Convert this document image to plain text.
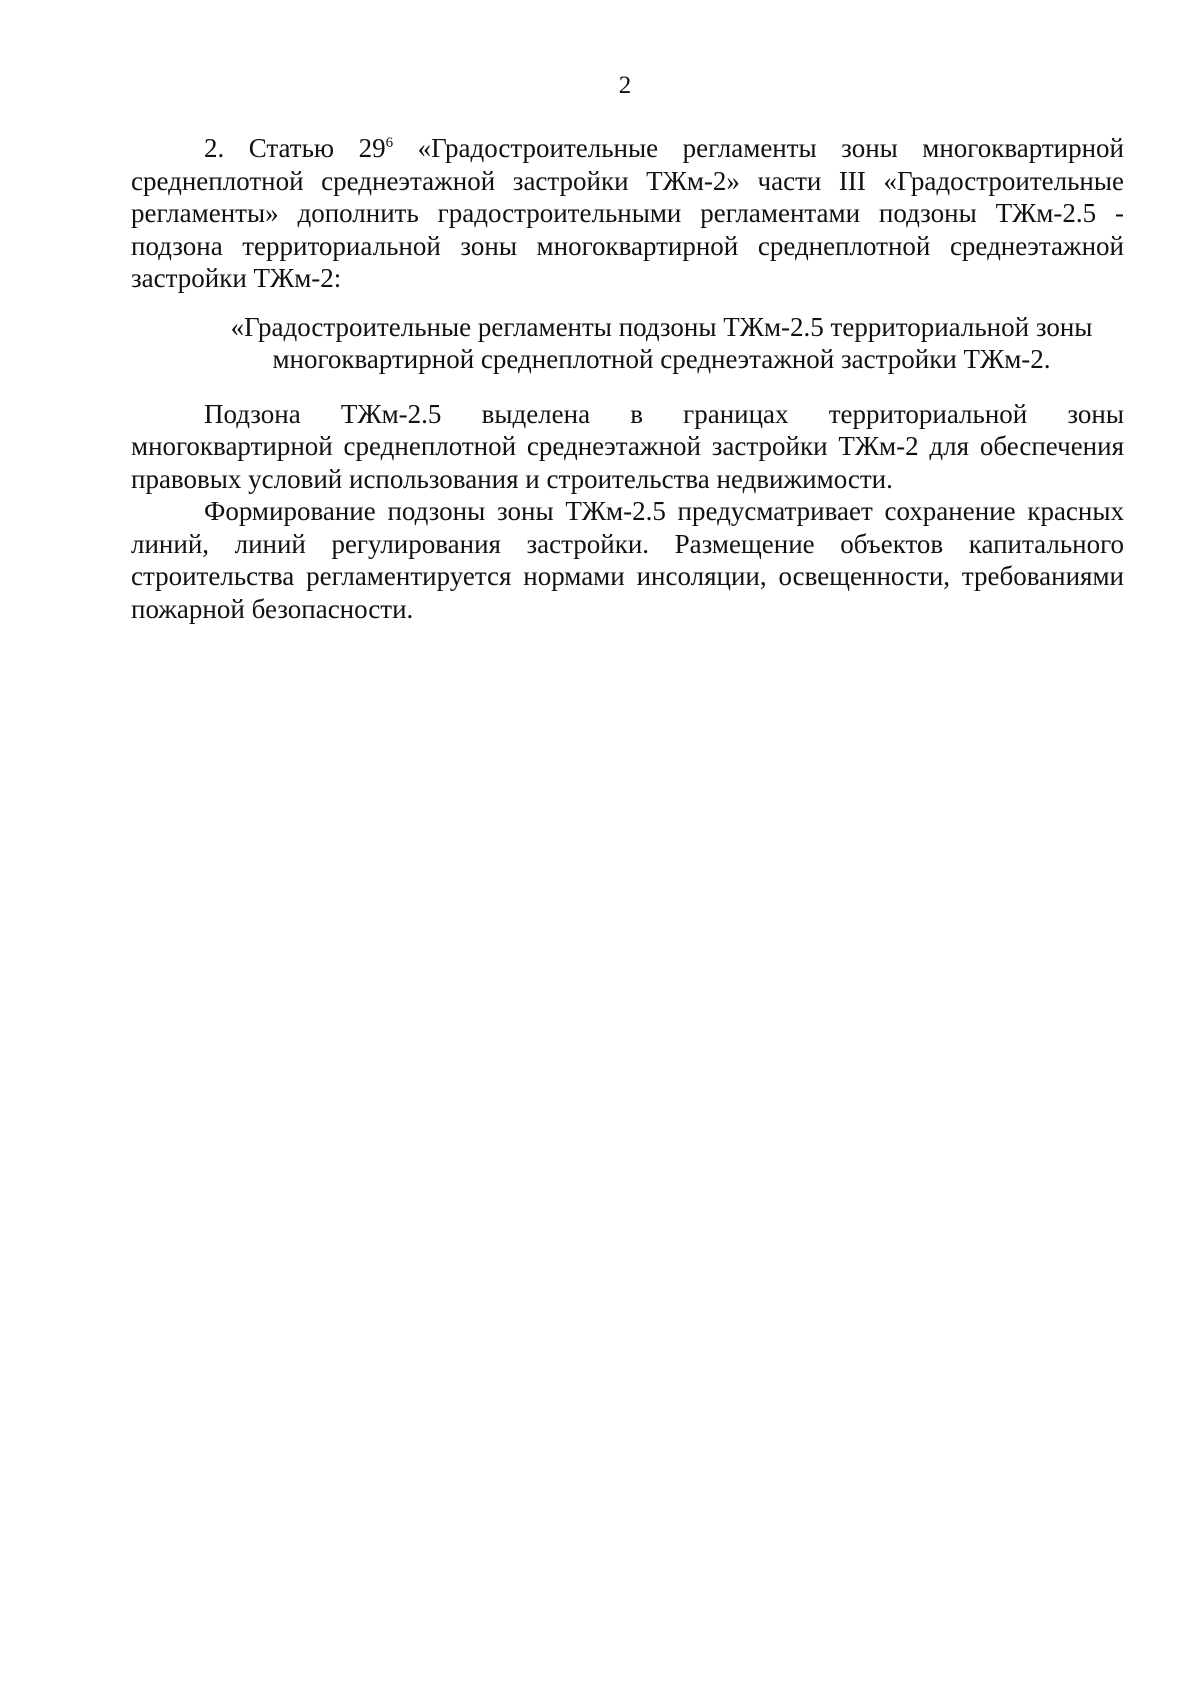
2

2. Статью $29^6$ «Градостроительные регламенты зоны многоквартирной среднеплотной среднеэтажной застройки ТЖм-2» части III «Градостроительные регламенты» дополнить градостроительными регламентами подзоны ТЖм-2.5 - подзона территориальной зоны многоквартирной среднеплотной среднеэтажной застройки ТЖм-2:

«Градостроительные регламенты подзоны ТЖм-2.5 территориальной зоны многоквартирной среднеплотной среднеэтажной застройки ТЖм-2.

Подзона ТЖм-2.5 выделена в границах территориальной зоны многоквартирной среднеплотной среднеэтажной застройки ТЖм-2 для обеспечения правовых условий использования и строительства недвижимости.

Формирование подзоны зоны ТЖм-2.5 предусматривает сохранение красных линий, линий регулирования застройки. Размещение объектов капитального строительства регламентируется нормами инсоляции, освещенности, требованиями пожарной безопасности.
